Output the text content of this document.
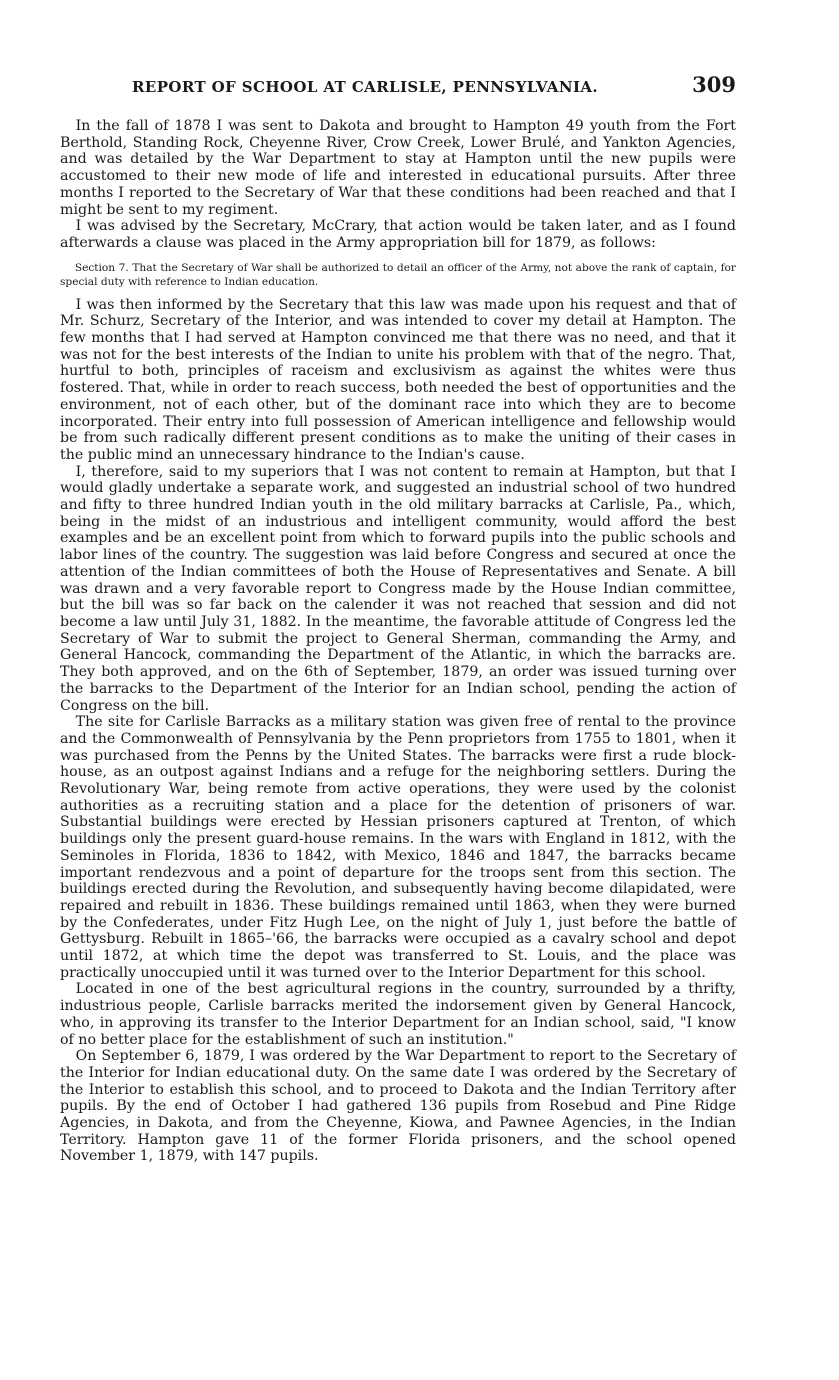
REPORT OF SCHOOL AT CARLISLE, PENNSYLVANIA.	309

In the fall of 1878 I was sent to Dakota and brought to Hampton 49 youth from the Fort Berthold, Standing Rock, Cheyenne River, Crow Creek, Lower Brulé, and Yankton Agencies, and was detailed by the War Department to stay at Hampton until the new pupils were accustomed to their new mode of life and interested in educational pursuits. After three months I reported to the Secretary of War that these conditions had been reached and that I might be sent to my regiment.

I was advised by the Secretary, McCrary, that action would be taken later, and as I found afterwards a clause was placed in the Army appropriation bill for 1879, as follows:

Section 7. That the Secretary of War shall be authorized to detail an officer of the Army, not above the rank of captain, for special duty with reference to Indian education.

I was then informed by the Secretary that this law was made upon his request and that of Mr. Schurz, Secretary of the Interior, and was intended to cover my detail at Hampton. The few months that I had served at Hampton convinced me that there was no need, and that it was not for the best interests of the Indian to unite his problem with that of the negro. That, hurtful to both, principles of raceism and exclusivism as against the whites were thus fostered. That, while in order to reach success, both needed the best of opportunities and the environment, not of each other, but of the dominant race into which they are to become incorporated. Their entry into full possession of American intelligence and fellowship would be from such radically different present conditions as to make the uniting of their cases in the public mind an unnecessary hindrance to the Indian's cause.

I, therefore, said to my superiors that I was not content to remain at Hampton, but that I would gladly undertake a separate work, and suggested an industrial school of two hundred and fifty to three hundred Indian youth in the old military barracks at Carlisle, Pa., which, being in the midst of an industrious and intelligent community, would afford the best examples and be an excellent point from which to forward pupils into the public schools and labor lines of the country. The suggestion was laid before Congress and secured at once the attention of the Indian committees of both the House of Representatives and Senate. A bill was drawn and a very favorable report to Congress made by the House Indian committee, but the bill was so far back on the calender it was not reached that session and did not become a law until July 31, 1882. In the meantime, the favorable attitude of Congress led the Secretary of War to submit the project to General Sherman, commanding the Army, and General Hancock, commanding the Department of the Atlantic, in which the barracks are. They both approved, and on the 6th of September, 1879, an order was issued turning over the barracks to the Department of the Interior for an Indian school, pending the action of Congress on the bill.

The site for Carlisle Barracks as a military station was given free of rental to the province and the Commonwealth of Pennsylvania by the Penn proprietors from 1755 to 1801, when it was purchased from the Penns by the United States. The barracks were first a rude block-house, as an outpost against Indians and a refuge for the neighboring settlers. During the Revolutionary War, being remote from active operations, they were used by the colonist authorities as a recruiting station and a place for the detention of prisoners of war. Substantial buildings were erected by Hessian prisoners captured at Trenton, of which buildings only the present guard-house remains. In the wars with England in 1812, with the Seminoles in Florida, 1836 to 1842, with Mexico, 1846 and 1847, the barracks became important rendezvous and a point of departure for the troops sent from this section. The buildings erected during the Revolution, and subsequently having become dilapidated, were repaired and rebuilt in 1836. These buildings remained until 1863, when they were burned by the Confederates, under Fitz Hugh Lee, on the night of July 1, just before the battle of Gettysburg. Rebuilt in 1865–'66, the barracks were occupied as a cavalry school and depot until 1872, at which time the depot was transferred to St. Louis, and the place was practically unoccupied until it was turned over to the Interior Department for this school.

Located in one of the best agricultural regions in the country, surrounded by a thrifty, industrious people, Carlisle barracks merited the indorsement given by General Hancock, who, in approving its transfer to the Interior Department for an Indian school, said, "I know of no better place for the establishment of such an institution."

On September 6, 1879, I was ordered by the War Department to report to the Secretary of the Interior for Indian educational duty. On the same date I was ordered by the Secretary of the Interior to establish this school, and to proceed to Dakota and the Indian Territory after pupils. By the end of October I had gathered 136 pupils from Rosebud and Pine Ridge Agencies, in Dakota, and from the Cheyenne, Kiowa, and Pawnee Agencies, in the Indian Territory. Hampton gave 11 of the former Florida prisoners, and the school opened November 1, 1879, with 147 pupils.
